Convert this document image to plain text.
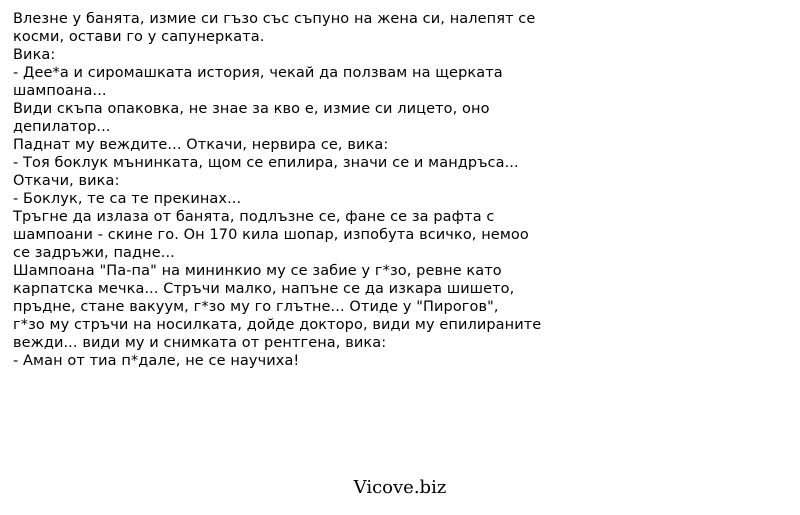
Влезне у банята, измие си гъзо със съпуно на жена си, налепят се
косми, остави го у сапунерката.
Вика:
- Дее*а и сиромашката история, чекай да ползвам на щерката
шампоана...
Види скъпа опаковка, не знае за кво е, измие си лицето, оно
депилатор...
Паднат му веждите... Откачи, нервира се, вика:
- Тоя боклук мънинката, щом се епилира, значи се и мандръса...
Откачи, вика:
- Боклук, те са те прекинах...
Тръгне да излаза от банята, подлъзне се, фане се за рафта с
шампоани - скине го. Он 170 кила шопар, изпобута всичко, немоо
се задръжи, падне...
Шампоана "Па-па" на мининкио му се забие у г*зо, ревне като
карпатска мечка... Стръчи малко, напъне се да изкара шишето,
пръдне, стане вакуум, г*зо му го глътне... Отиде у "Пирогов",
г*зо му стръчи на носилката, дойде доктoро, види му епилираните
вежди... види му и снимката от рентгена, вика:
- Аман от тиа п*дале, не се научиха!
Vicove.biz
